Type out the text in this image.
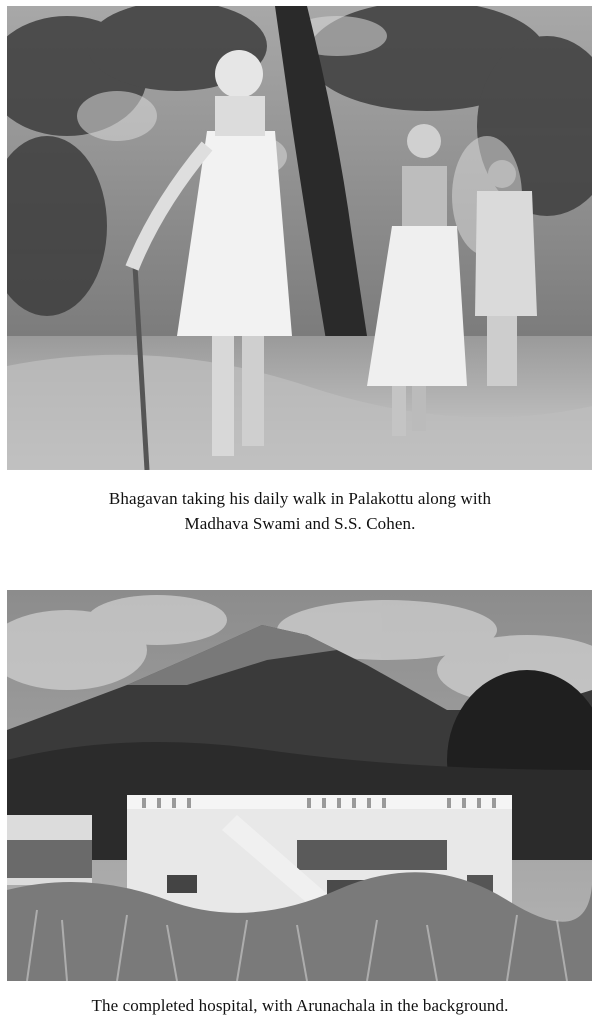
Bhagavan taking his daily walk in Palakottu along with
Madhava Swami and S.S. Cohen.
The completed hospital, with Arunachala in the background.
